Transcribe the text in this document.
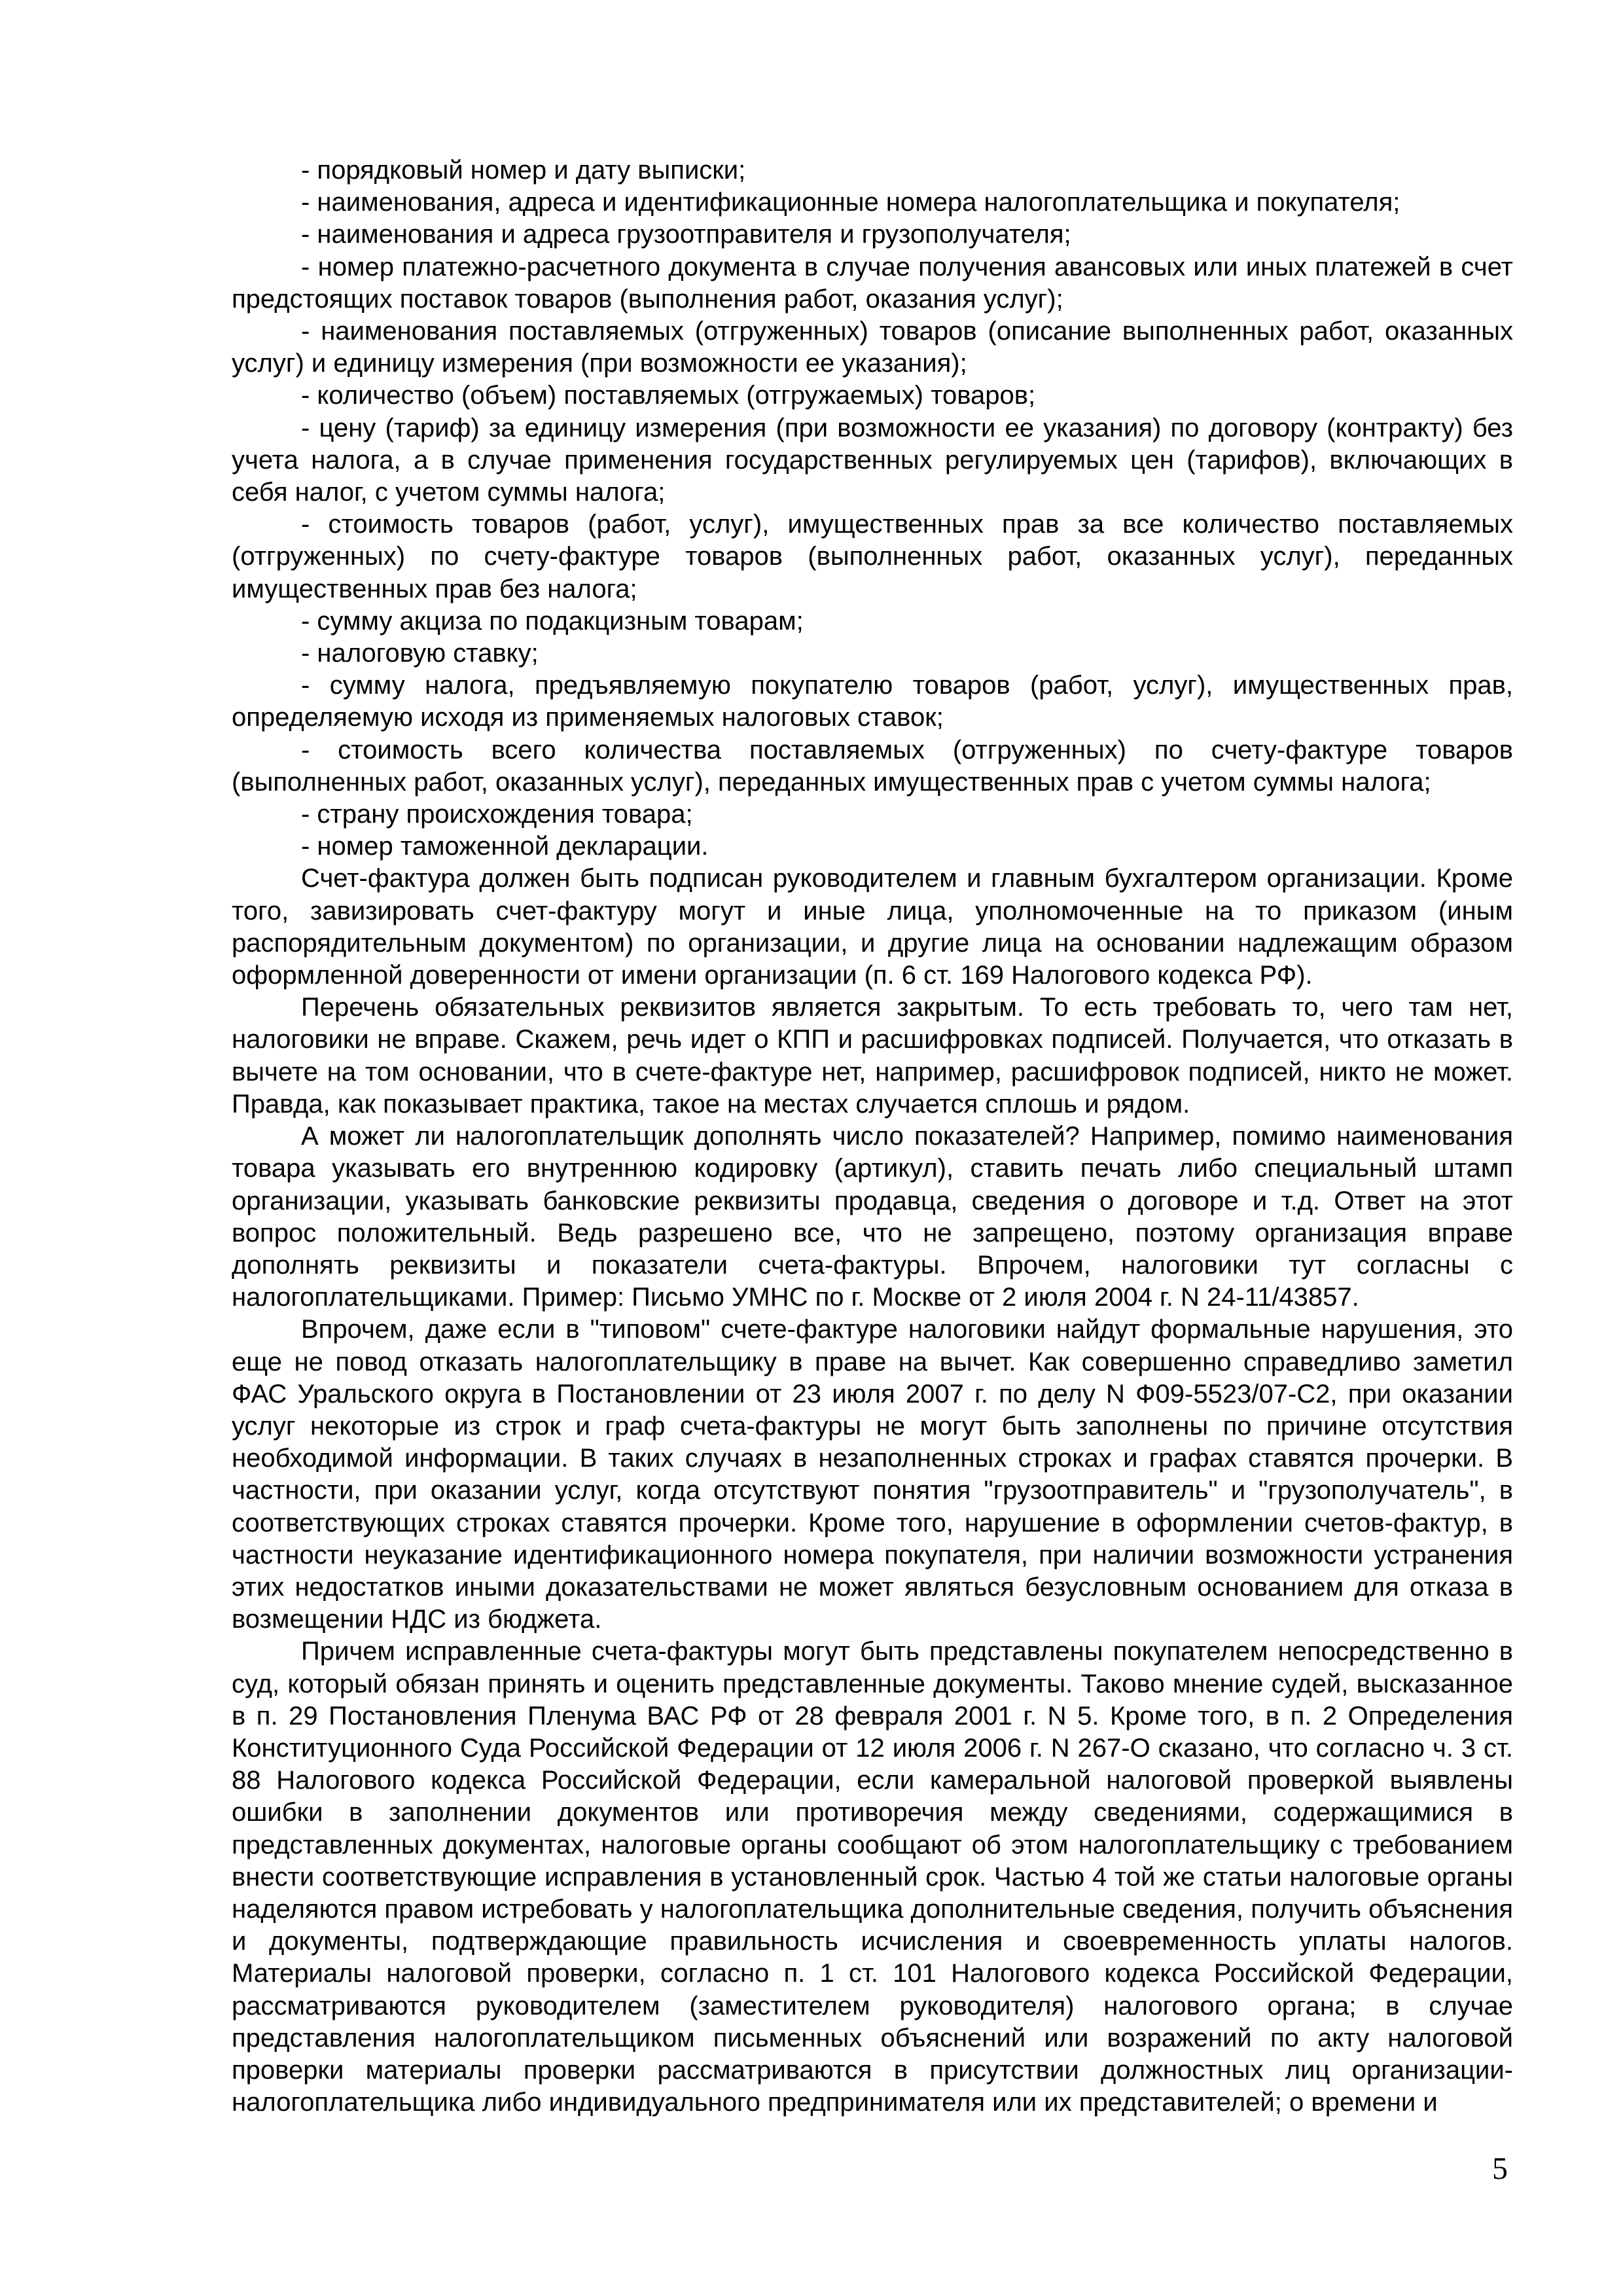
- порядковый номер и дату выписки;

- наименования, адреса и идентификационные номера налогоплательщика и покупателя;

- наименования и адреса грузоотправителя и грузополучателя;

- номер платежно-расчетного документа в случае получения авансовых или иных платежей в счет предстоящих поставок товаров (выполнения работ, оказания услуг);

- наименования поставляемых (отгруженных) товаров (описание выполненных работ, оказанных услуг) и единицу измерения (при возможности ее указания);

- количество (объем) поставляемых (отгружаемых) товаров;

- цену (тариф) за единицу измерения (при возможности ее указания) по договору (контракту) без учета налога, а в случае применения государственных регулируемых цен (тарифов), включающих в себя налог, с учетом суммы налога;

- стоимость товаров (работ, услуг), имущественных прав за все количество поставляемых (отгруженных) по счету-фактуре товаров (выполненных работ, оказанных услуг), переданных имущественных прав без налога;

- сумму акциза по подакцизным товарам;

- налоговую ставку;

- сумму налога, предъявляемую покупателю товаров (работ, услуг), имущественных прав, определяемую исходя из применяемых налоговых ставок;

- стоимость всего количества поставляемых (отгруженных) по счету-фактуре товаров (выполненных работ, оказанных услуг), переданных имущественных прав с учетом суммы налога;

- страну происхождения товара;

- номер таможенной декларации.

Счет-фактура должен быть подписан руководителем и главным бухгалтером организации. Кроме того, завизировать счет-фактуру могут и иные лица, уполномоченные на то приказом (иным распорядительным документом) по организации, и другие лица на основании надлежащим образом оформленной доверенности от имени организации (п. 6 ст. 169 Налогового кодекса РФ).

Перечень обязательных реквизитов является закрытым. То есть требовать то, чего там нет, налоговики не вправе. Скажем, речь идет о КПП и расшифровках подписей. Получается, что отказать в вычете на том основании, что в счете-фактуре нет, например, расшифровок подписей, никто не может. Правда, как показывает практика, такое на местах случается сплошь и рядом.

А может ли налогоплательщик дополнять число показателей? Например, помимо наименования товара указывать его внутреннюю кодировку (артикул), ставить печать либо специальный штамп организации, указывать банковские реквизиты продавца, сведения о договоре и т.д. Ответ на этот вопрос положительный. Ведь разрешено все, что не запрещено, поэтому организация вправе дополнять реквизиты и показатели счета-фактуры. Впрочем, налоговики тут согласны с налогоплательщиками. Пример: Письмо УМНС по г. Москве от 2 июля 2004 г. N 24-11/43857.

Впрочем, даже если в "типовом" счете-фактуре налоговики найдут формальные нарушения, это еще не повод отказать налогоплательщику в праве на вычет. Как совершенно справедливо заметил ФАС Уральского округа в Постановлении от 23 июля 2007 г. по делу N Ф09-5523/07-С2, при оказании услуг некоторые из строк и граф счета-фактуры не могут быть заполнены по причине отсутствия необходимой информации. В таких случаях в незаполненных строках и графах ставятся прочерки. В частности, при оказании услуг, когда отсутствуют понятия "грузоотправитель" и "грузополучатель", в соответствующих строках ставятся прочерки. Кроме того, нарушение в оформлении счетов-фактур, в частности неуказание идентификационного номера покупателя, при наличии возможности устранения этих недостатков иными доказательствами не может являться безусловным основанием для отказа в возмещении НДС из бюджета.

Причем исправленные счета-фактуры могут быть представлены покупателем непосредственно в суд, который обязан принять и оценить представленные документы. Таково мнение судей, высказанное в п. 29 Постановления Пленума ВАС РФ от 28 февраля 2001 г. N 5. Кроме того, в п. 2 Определения Конституционного Суда Российской Федерации от 12 июля 2006 г. N 267-О сказано, что согласно ч. 3 ст. 88 Налогового кодекса Российской Федерации, если камеральной налоговой проверкой выявлены ошибки в заполнении документов или противоречия между сведениями, содержащимися в представленных документах, налоговые органы сообщают об этом налогоплательщику с требованием внести соответствующие исправления в установленный срок. Частью 4 той же статьи налоговые органы наделяются правом истребовать у налогоплательщика дополнительные сведения, получить объяснения и документы, подтверждающие правильность исчисления и своевременность уплаты налогов. Материалы налоговой проверки, согласно п. 1 ст. 101 Налогового кодекса Российской Федерации, рассматриваются руководителем (заместителем руководителя) налогового органа; в случае представления налогоплательщиком письменных объяснений или возражений по акту налоговой проверки материалы проверки рассматриваются в присутствии должностных лиц организации-налогоплательщика либо индивидуального предпринимателя или их представителей; о времени и

5
